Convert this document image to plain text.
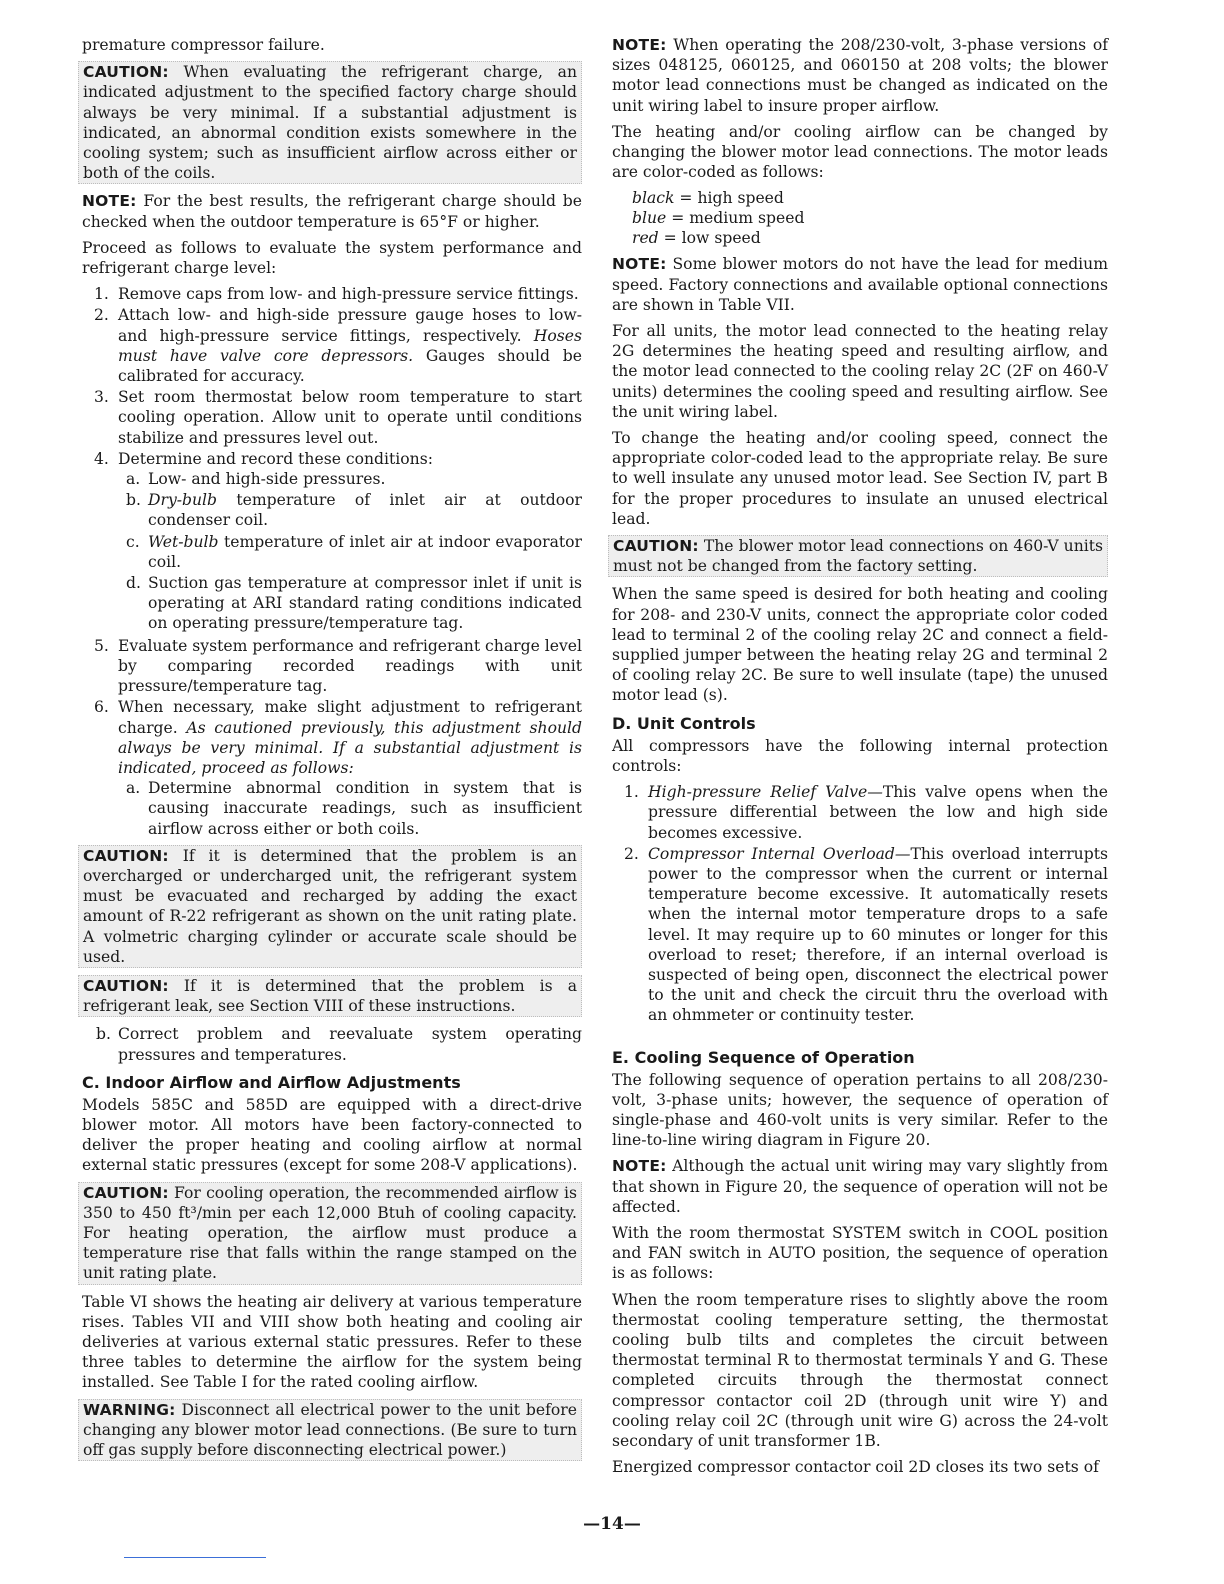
premature compressor failure.

CAUTION: When evaluating the refrigerant charge, an indicated adjustment to the specified factory charge should always be very minimal. If a substantial adjustment is indicated, an abnormal condition exists somewhere in the cooling system; such as insufficient airflow across either or both of the coils.

NOTE: For the best results, the refrigerant charge should be checked when the outdoor temperature is 65°F or higher.

Proceed as follows to evaluate the system performance and refrigerant charge level:

1. Remove caps from low- and high-pressure service fittings.
2. Attach low- and high-side pressure gauge hoses to low- and high-pressure service fittings, respectively. Hoses must have valve core depressors. Gauges should be calibrated for accuracy.
3. Set room thermostat below room temperature to start cooling operation. Allow unit to operate until conditions stabilize and pressures level out.
4. Determine and record these conditions:
a. Low- and high-side pressures.
b. Dry-bulb temperature of inlet air at outdoor condenser coil.
c. Wet-bulb temperature of inlet air at indoor evaporator coil.
d. Suction gas temperature at compressor inlet if unit is operating at ARI standard rating conditions indicated on operating pressure/temperature tag.
5. Evaluate system performance and refrigerant charge level by comparing recorded readings with unit pressure/temperature tag.
6. When necessary, make slight adjustment to refrigerant charge. As cautioned previously, this adjustment should always be very minimal. If a substantial adjustment is indicated, proceed as follows:
a. Determine abnormal condition in system that is causing inaccurate readings, such as insufficient airflow across either or both coils.

CAUTION: If it is determined that the problem is an overcharged or undercharged unit, the refrigerant system must be evacuated and recharged by adding the exact amount of R-22 refrigerant as shown on the unit rating plate. A volmetric charging cylinder or accurate scale should be used.

CAUTION: If it is determined that the problem is a refrigerant leak, see Section VIII of these instructions.

b. Correct problem and reevaluate system operating pressures and temperatures.
C. Indoor Airflow and Airflow Adjustments

Models 585C and 585D are equipped with a direct-drive blower motor. All motors have been factory-connected to deliver the proper heating and cooling airflow at normal external static pressures (except for some 208-V applications).

CAUTION: For cooling operation, the recommended airflow is 350 to 450 ft³/min per each 12,000 Btuh of cooling capacity. For heating operation, the airflow must produce a temperature rise that falls within the range stamped on the unit rating plate.

Table VI shows the heating air delivery at various temperature rises. Tables VII and VIII show both heating and cooling air deliveries at various external static pressures. Refer to these three tables to determine the airflow for the system being installed. See Table I for the rated cooling airflow.

WARNING: Disconnect all electrical power to the unit before changing any blower motor lead connections. (Be sure to turn off gas supply before disconnecting electrical power.)

NOTE: When operating the 208/230-volt, 3-phase versions of sizes 048125, 060125, and 060150 at 208 volts; the blower motor lead connections must be changed as indicated on the unit wiring label to insure proper airflow.

The heating and/or cooling airflow can be changed by changing the blower motor lead connections. The motor leads are color-coded as follows:

black = high speed
blue = medium speed
red = low speed

NOTE: Some blower motors do not have the lead for medium speed. Factory connections and available optional connections are shown in Table VII.

For all units, the motor lead connected to the heating relay 2G determines the heating speed and resulting airflow, and the motor lead connected to the cooling relay 2C (2F on 460-V units) determines the cooling speed and resulting airflow. See the unit wiring label.

To change the heating and/or cooling speed, connect the appropriate color-coded lead to the appropriate relay. Be sure to well insulate any unused motor lead. See Section IV, part B for the proper procedures to insulate an unused electrical lead.

CAUTION: The blower motor lead connections on 460-V units must not be changed from the factory setting.

When the same speed is desired for both heating and cooling for 208- and 230-V units, connect the appropriate color coded lead to terminal 2 of the cooling relay 2C and connect a field-supplied jumper between the heating relay 2G and terminal 2 of cooling relay 2C. Be sure to well insulate (tape) the unused motor lead (s).

D. Unit Controls

All compressors have the following internal protection controls:

1. High-pressure Relief Valve—This valve opens when the pressure differential between the low and high side becomes excessive.
2. Compressor Internal Overload—This overload interrupts power to the compressor when the current or internal temperature become excessive. It automatically resets when the internal motor temperature drops to a safe level. It may require up to 60 minutes or longer for this overload to reset; therefore, if an internal overload is suspected of being open, disconnect the electrical power to the unit and check the circuit thru the overload with an ohmmeter or continuity tester.
E. Cooling Sequence of Operation

The following sequence of operation pertains to all 208/230-volt, 3-phase units; however, the sequence of operation of single-phase and 460-volt units is very similar. Refer to the line-to-line wiring diagram in Figure 20.

NOTE: Although the actual unit wiring may vary slightly from that shown in Figure 20, the sequence of operation will not be affected.

With the room thermostat SYSTEM switch in COOL position and FAN switch in AUTO position, the sequence of operation is as follows:

When the room temperature rises to slightly above the room thermostat cooling temperature setting, the thermostat cooling bulb tilts and completes the circuit between thermostat terminal R to thermostat terminals Y and G. These completed circuits through the thermostat connect compressor contactor coil 2D (through unit wire Y) and cooling relay coil 2C (through unit wire G) across the 24-volt secondary of unit transformer 1B.

Energized compressor contactor coil 2D closes its two sets of

—14—
